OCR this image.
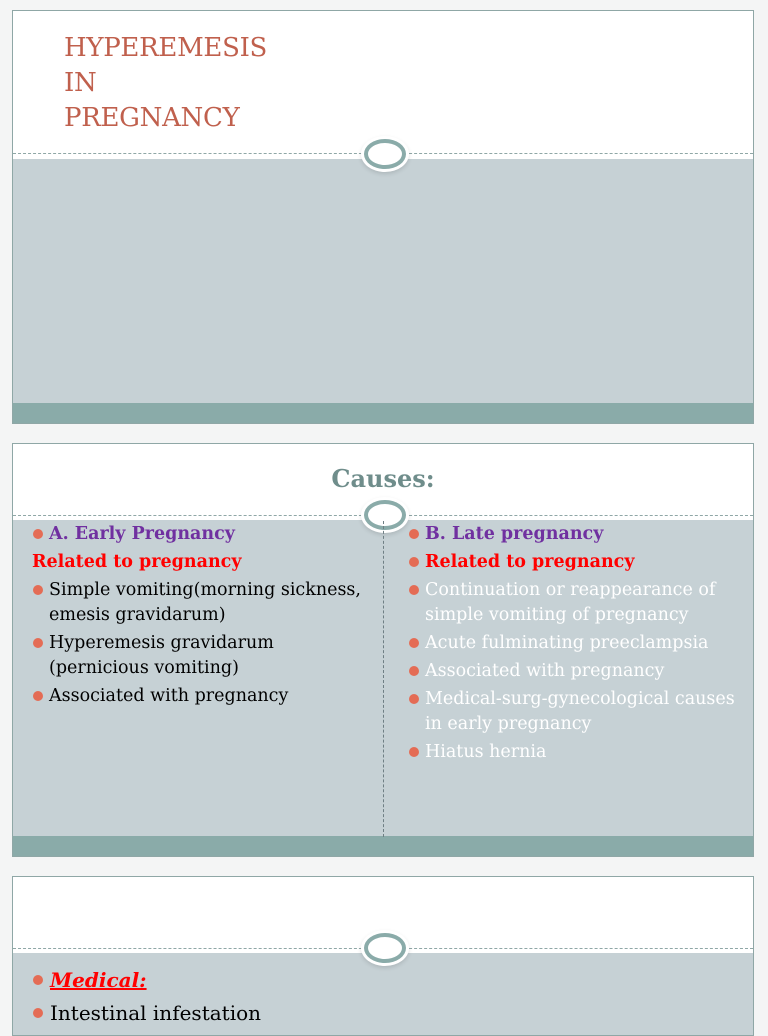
HYPEREMESIS
IN
PREGNANCY
Causes:
A. Early Pregnancy
Related to pregnancy
Simple vomiting(morning sickness, emesis gravidarum)
Hyperemesis gravidarum (pernicious vomiting)
Associated with pregnancy
B. Late pregnancy
Related to pregnancy
Continuation or reappearance of simple vomiting of pregnancy
Acute fulminating preeclampsia
Associated with pregnancy
Medical-surg-gynecological causes in early pregnancy
Hiatus hernia
Medical:
Intestinal infestation
